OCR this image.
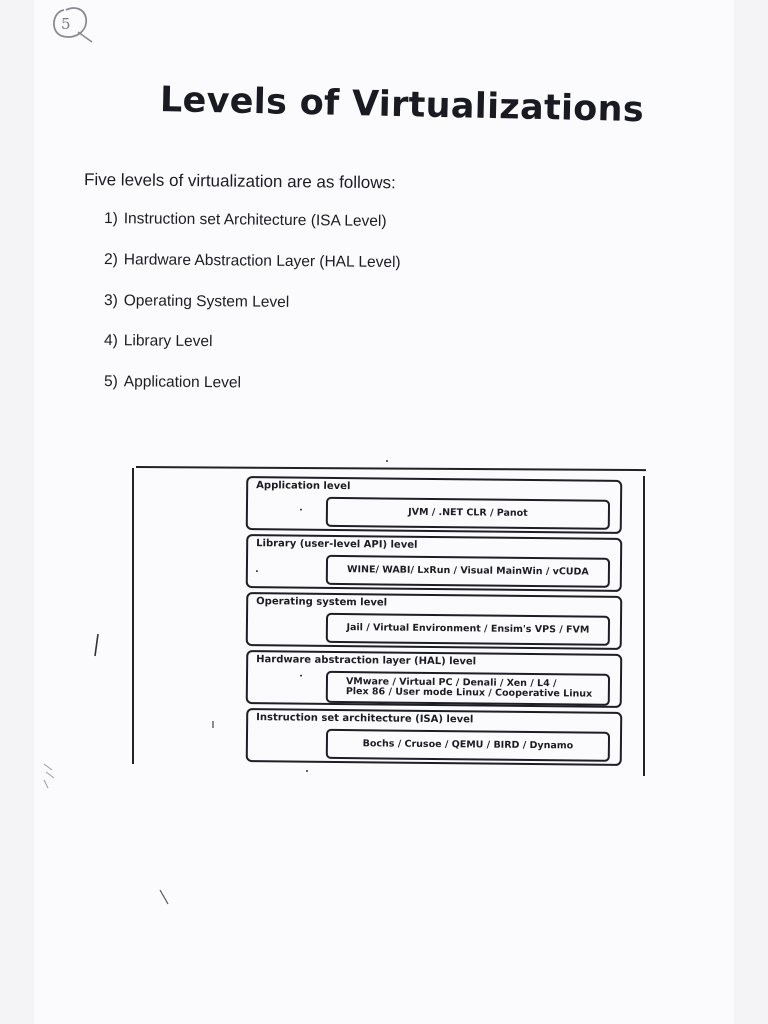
5
Levels of Virtualizations

Five levels of virtualization are as follows:

1) Instruction set Architecture (ISA Level)
2) Hardware Abstraction Layer (HAL Level)
3) Operating System Level
4) Library Level
5) Application Level
Application level
JVM / .NET CLR / Panot
Library (user-level API) level
WINE/ WABI/ LxRun / Visual MainWin / vCUDA
Operating system level
Jail / Virtual Environment / Ensim's VPS / FVM
Hardware abstraction layer (HAL) level
VMware / Virtual PC / Denali / Xen / L4 /
Plex 86 / User mode Linux / Cooperative Linux
Instruction set architecture (ISA) level
Bochs / Crusoe / QEMU / BIRD / Dynamo
